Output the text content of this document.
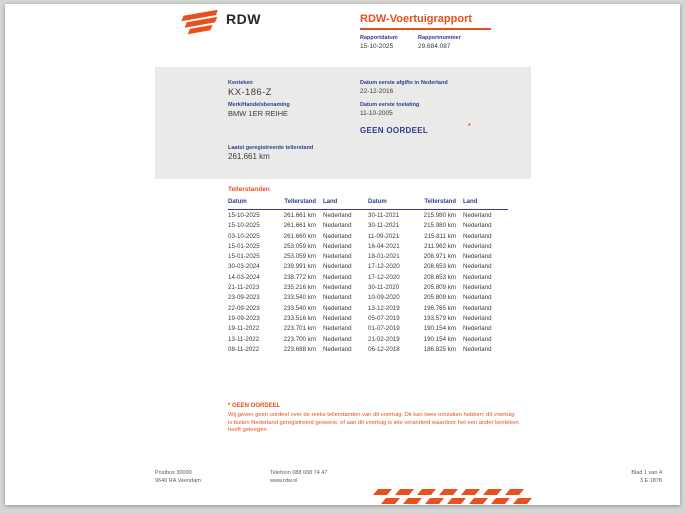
RDW	RDW-Voertuigrapport
Rapportdatum
15-10-2025
Rapportnummer
29.684.087
Kenteken
KX-186-Z
Merk/Handelsbenaming
BMW 1ER REIHE
Laatst geregistreerde tellerstand
261.661 km
Datum eerste afgifte in Nederland
22-12-2016
Datum eerste toelating
11-10-2005
GEEN OORDEEL	*
Tellerstanden
Datum	Tellerstand Land
15-10-2025	261.661 km Nederland
15-10-2025	261.661 km Nederland
03-10-2025	261.660 km Nederland
15-01-2025	253.059 km Nederland
15-01-2025	253.059 km Nederland
30-03-2024	239.991 km Nederland
14-03-2024	238.772 km Nederland
21-11-2023	235.216 km Nederland
23-09-2023	233.540 km Nederland
22-09-2023	233.540 km Nederland
19-09-2023	233.516 km Nederland
19-11-2022	223.701 km Nederland
13-11-2022	223.700 km Nederland
08-11-2022	223.688 km Nederland
Datum	Tellerstand Land
30-11-2021	215.980 km Nederland
30-11-2021	215.980 km Nederland
11-09-2021	215.811 km Nederland
16-04-2021	211.962 km Nederland
18-01-2021	208.971 km Nederland
17-12-2020	208.653 km Nederland
17-12-2020	208.653 km Nederland
30-11-2020	205.809 km Nederland
10-09-2020	205.809 km Nederland
13-12-2019	196.765 km Nederland
05-07-2019	193.579 km Nederland
01-07-2019	190.154 km Nederland
21-02-2019	190.154 km Nederland
06-12-2018	186.825 km Nederland
* GEEN OORDEEL
Wij geven geen oordeel over de reeks tellerstanden van dit voertuig. Dit kan twee oorzaken hebben: dit voertuig is buiten Nederland geregistreerd geweest, of aan dit voertuig is iets veranderd waardoor het een ander kenteken heeft gekregen.
Postbus 30000
9640 RA Veendam
Telefoon 088 008 74 47
www.rdw.nl
Blad 1 van 4
3 E 1878
